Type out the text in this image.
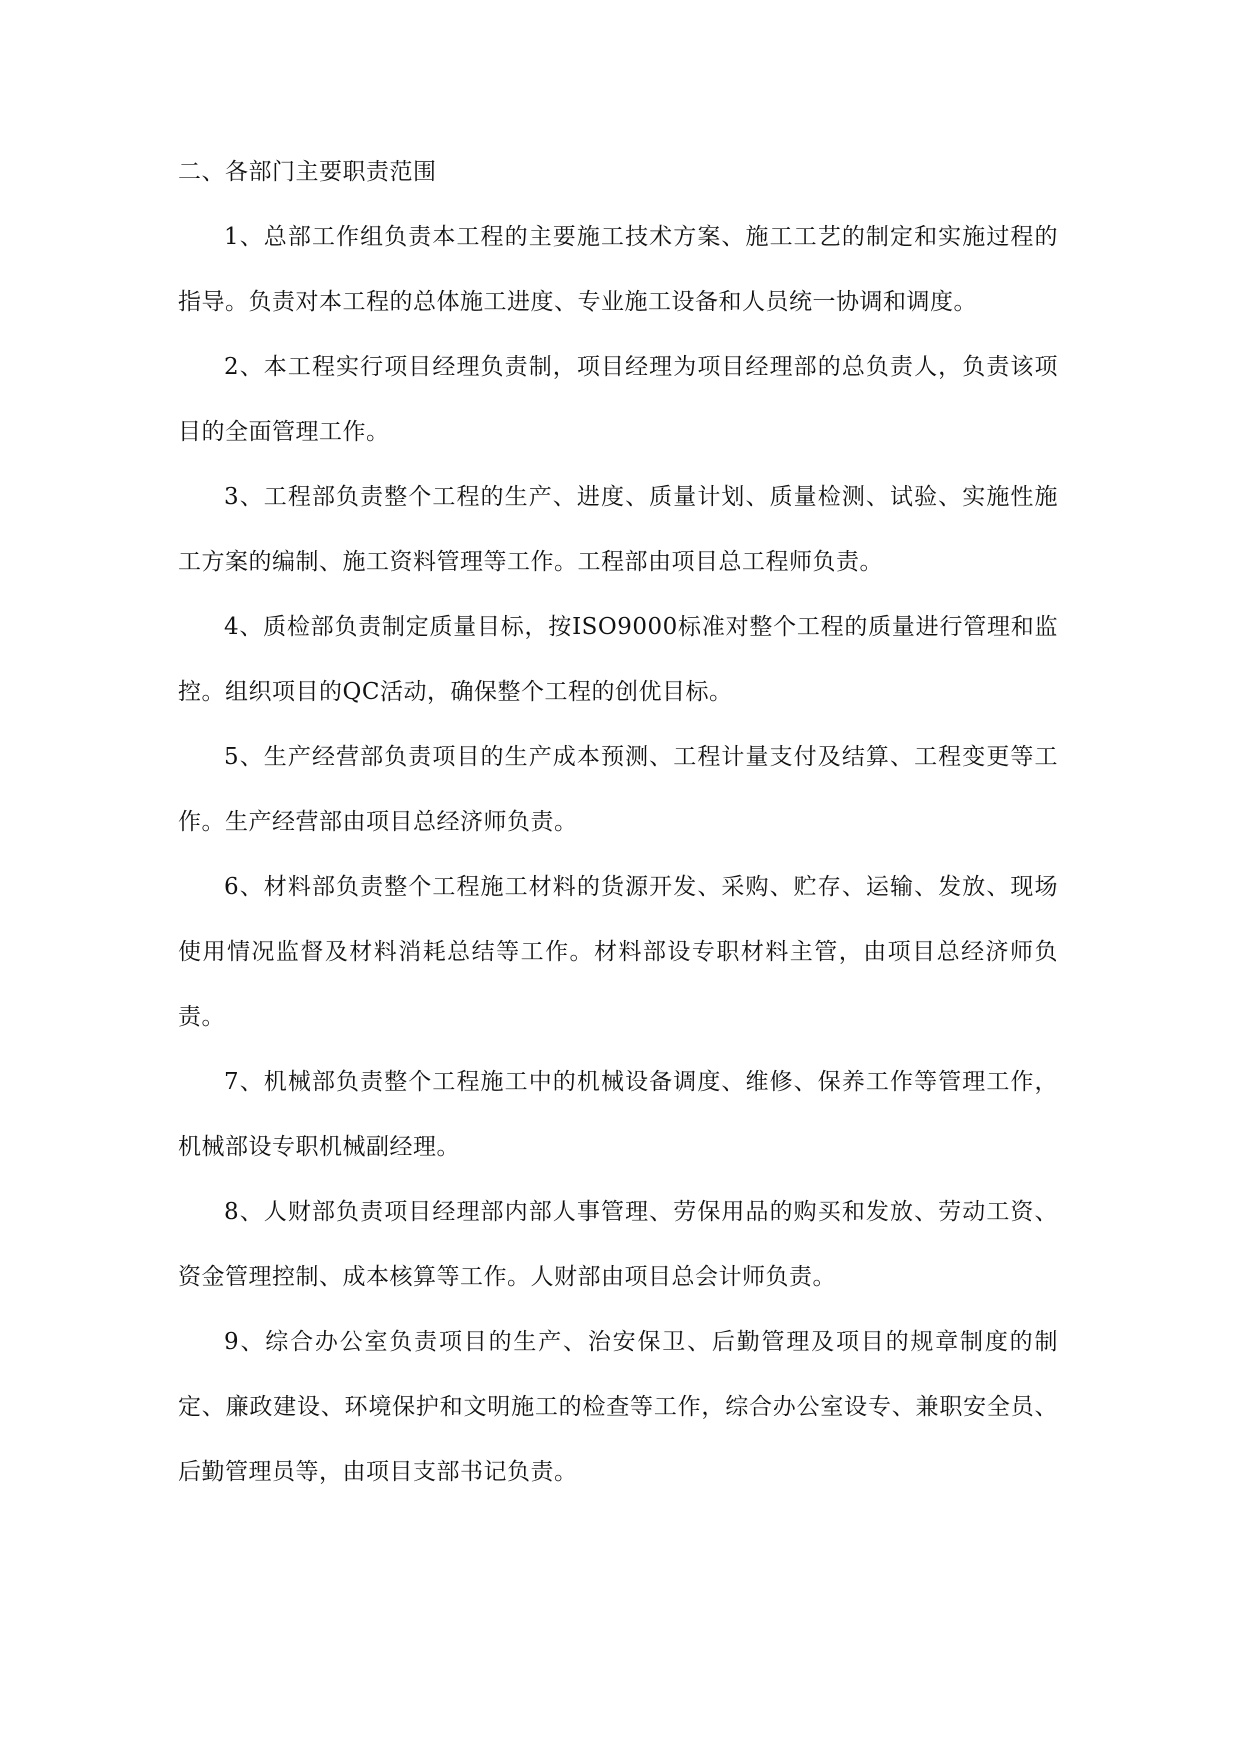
二、各部门主要职责范围

1、总部工作组负责本工程的主要施工技术方案、施工工艺的制定和实施过程的指导。负责对本工程的总体施工进度、专业施工设备和人员统一协调和调度。

2、本工程实行项目经理负责制，项目经理为项目经理部的总负责人，负责该项目的全面管理工作。

3、工程部负责整个工程的生产、进度、质量计划、质量检测、试验、实施性施工方案的编制、施工资料管理等工作。工程部由项目总工程师负责。

4、质检部负责制定质量目标，按ISO9000标准对整个工程的质量进行管理和监控。组织项目的QC活动，确保整个工程的创优目标。

5、生产经营部负责项目的生产成本预测、工程计量支付及结算、工程变更等工作。生产经营部由项目总经济师负责。

6、材料部负责整个工程施工材料的货源开发、采购、贮存、运输、发放、现场使用情况监督及材料消耗总结等工作。材料部设专职材料主管，由项目总经济师负责。

7、机械部负责整个工程施工中的机械设备调度、维修、保养工作等管理工作，机械部设专职机械副经理。

8、人财部负责项目经理部内部人事管理、劳保用品的购买和发放、劳动工资、资金管理控制、成本核算等工作。人财部由项目总会计师负责。

9、综合办公室负责项目的生产、治安保卫、后勤管理及项目的规章制度的制定、廉政建设、环境保护和文明施工的检查等工作，综合办公室设专、兼职安全员、后勤管理员等，由项目支部书记负责。
